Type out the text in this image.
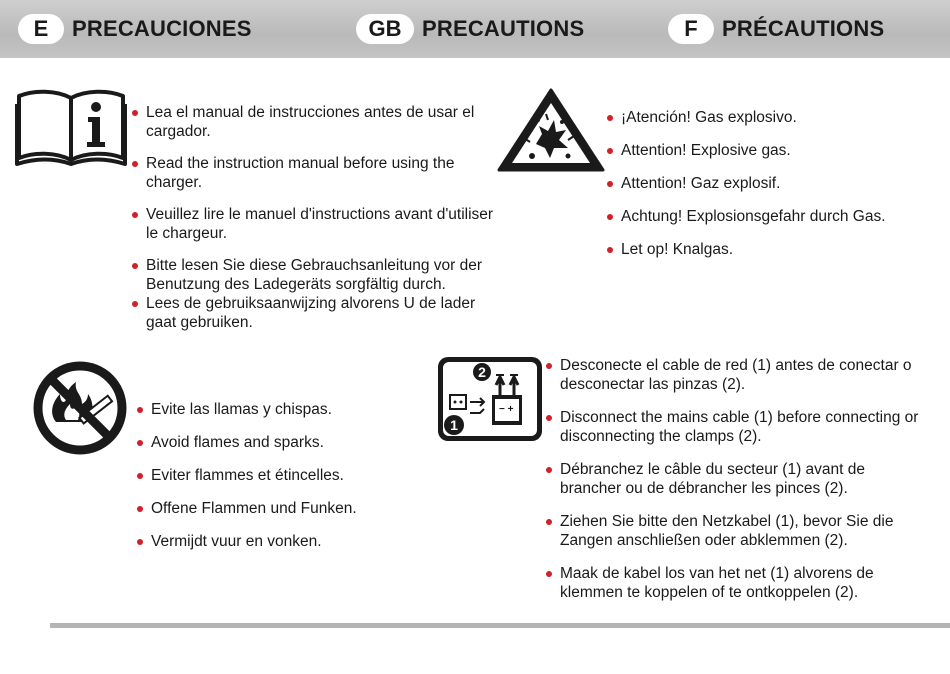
E	PRECAUCIONES	GB PRECAUTIONS	F	PRÉCAUTIONS
Lea el manual de instrucciones antes de usar el cargador.
Read the instruction manual before using the charger.
Veuillez lire le manuel d'instructions avant d'utiliser le chargeur.
Bitte lesen Sie diese Gebrauchsanleitung vor der Benutzung des Ladegeräts sorgfältig durch.
Lees de gebruiksaanwijzing alvorens U de lader gaat gebruiken.
¡Atención! Gas explosivo.
Attention! Explosive gas.
Attention! Gaz explosif.
Achtung! Explosionsgefahr durch Gas.
Let op! Knalgas.
Evite las llamas y chispas.
Avoid flames and sparks.
Eviter flammes et étincelles.
Offene Flammen und Funken.
Vermijdt vuur en vonken.
− +
2
1
Desconecte el cable de red (1) antes de conectar o desconectar las pinzas (2).
Disconnect the mains cable (1) before connecting or disconnecting the clamps (2).
Débranchez le câble du secteur (1) avant de brancher ou de débrancher les pinces (2).
Ziehen Sie bitte den Netzkabel (1), bevor Sie die Zangen anschließen oder abklemmen (2).
Maak de kabel los van het net (1) alvorens de klemmen te koppelen of te ontkoppelen (2).
